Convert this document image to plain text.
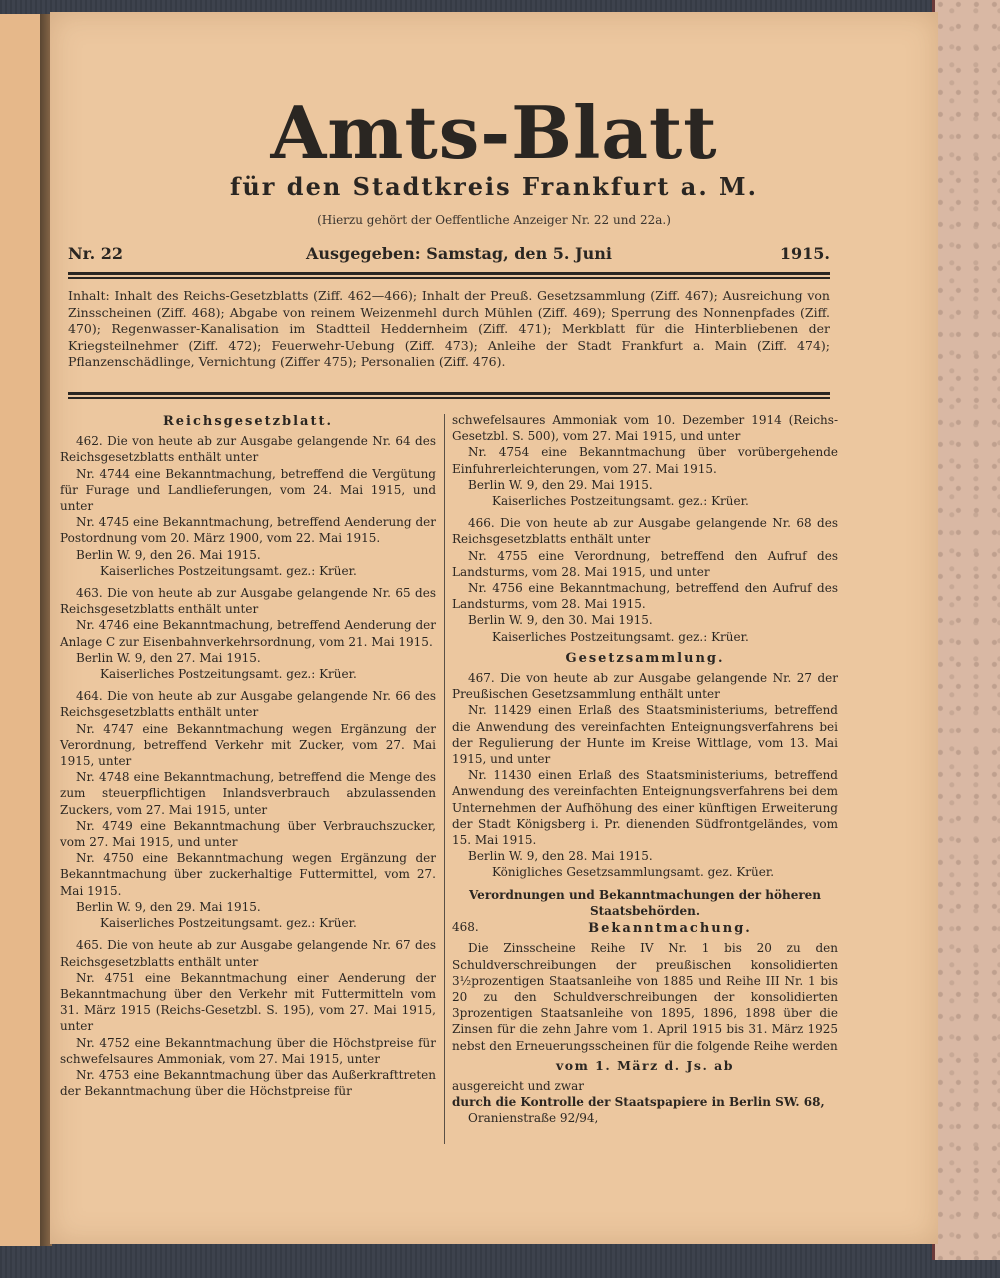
Amts-Blatt
für den Stadtkreis Frankfurt a. M.
(Hierzu gehört der Oeffentliche Anzeiger Nr. 22 und 22a.)
Nr. 22	Ausgegeben: Samstag, den 5. Juni	1915.
Inhalt: Inhalt des Reichs-Gesetzblatts (Ziff. 462—466); Inhalt der Preuß. Gesetzsammlung (Ziff. 467); Ausreichung von Zinsscheinen (Ziff. 468); Abgabe von reinem Weizenmehl durch Mühlen (Ziff. 469); Sperrung des Nonnenpfades (Ziff. 470); Regenwasser-Kanalisation im Stadtteil Heddernheim (Ziff. 471); Merkblatt für die Hinterbliebenen der Kriegsteilnehmer (Ziff. 472); Feuerwehr-Uebung (Ziff. 473); Anleihe der Stadt Frankfurt a. Main (Ziff. 474); Pflanzenschädlinge, Vernichtung (Ziffer 475); Personalien (Ziff. 476).

Reichsgesetzblatt.

462. Die von heute ab zur Ausgabe gelangende Nr. 64 des Reichsgesetzblatts enthält unter

Nr. 4744 eine Bekanntmachung, betreffend die Vergütung für Furage und Landlieferungen, vom 24. Mai 1915, und unter

Nr. 4745 eine Bekanntmachung, betreffend Aenderung der Postordnung vom 20. März 1900, vom 22. Mai 1915.

Berlin W. 9, den 26. Mai 1915.

Kaiserliches Postzeitungsamt. gez.: Krüer.

463. Die von heute ab zur Ausgabe gelangende Nr. 65 des Reichsgesetzblatts enthält unter

Nr. 4746 eine Bekanntmachung, betreffend Aenderung der Anlage C zur Eisenbahnverkehrsordnung, vom 21. Mai 1915.

Berlin W. 9, den 27. Mai 1915.

Kaiserliches Postzeitungsamt. gez.: Krüer.

464. Die von heute ab zur Ausgabe gelangende Nr. 66 des Reichsgesetzblatts enthält unter

Nr. 4747 eine Bekanntmachung wegen Ergänzung der Verordnung, betreffend Verkehr mit Zucker, vom 27. Mai 1915, unter

Nr. 4748 eine Bekanntmachung, betreffend die Menge des zum steuerpflichtigen Inlandsverbrauch abzulassenden Zuckers, vom 27. Mai 1915, unter

Nr. 4749 eine Bekanntmachung über Verbrauchszucker, vom 27. Mai 1915, und unter

Nr. 4750 eine Bekanntmachung wegen Ergänzung der Bekanntmachung über zuckerhaltige Futtermittel, vom 27. Mai 1915.

Berlin W. 9, den 29. Mai 1915.

Kaiserliches Postzeitungsamt. gez.: Krüer.

465. Die von heute ab zur Ausgabe gelangende Nr. 67 des Reichsgesetzblatts enthält unter

Nr. 4751 eine Bekanntmachung einer Aenderung der Bekanntmachung über den Verkehr mit Futtermitteln vom 31. März 1915 (Reichs-Gesetzbl. S. 195), vom 27. Mai 1915, unter

Nr. 4752 eine Bekanntmachung über die Höchstpreise für schwefelsaures Ammoniak, vom 27. Mai 1915, unter

Nr. 4753 eine Bekanntmachung über das Außerkrafttreten der Bekanntmachung über die Höchstpreise für

schwefelsaures Ammoniak vom 10. Dezember 1914 (Reichs-Gesetzbl. S. 500), vom 27. Mai 1915, und unter

Nr. 4754 eine Bekanntmachung über vorübergehende Einfuhrerleichterungen, vom 27. Mai 1915.

Berlin W. 9, den 29. Mai 1915.

Kaiserliches Postzeitungsamt. gez.: Krüer.

466. Die von heute ab zur Ausgabe gelangende Nr. 68 des Reichsgesetzblatts enthält unter

Nr. 4755 eine Verordnung, betreffend den Aufruf des Landsturms, vom 28. Mai 1915, und unter

Nr. 4756 eine Bekanntmachung, betreffend den Aufruf des Landsturms, vom 28. Mai 1915.

Berlin W. 9, den 30. Mai 1915.

Kaiserliches Postzeitungsamt. gez.: Krüer.

Gesetzsammlung.

467. Die von heute ab zur Ausgabe gelangende Nr. 27 der Preußischen Gesetzsammlung enthält unter

Nr. 11429 einen Erlaß des Staatsministeriums, betreffend die Anwendung des vereinfachten Enteignungsverfahrens bei der Regulierung der Hunte im Kreise Wittlage, vom 13. Mai 1915, und unter

Nr. 11430 einen Erlaß des Staatsministeriums, betreffend Anwendung des vereinfachten Enteignungsverfahrens bei dem Unternehmen der Aufhöhung des einer künftigen Erweiterung der Stadt Königsberg i. Pr. dienenden Südfrontgeländes, vom 15. Mai 1915.

Berlin W. 9, den 28. Mai 1915.

Königliches Gesetzsammlungsamt. gez. Krüer.

Verordnungen und Bekanntmachungen der höheren Staatsbehörden.

468.	Bekanntmachung.

Die Zinsscheine Reihe IV Nr. 1 bis 20 zu den Schuldverschreibungen der preußischen konsolidierten 3½prozentigen Staatsanleihe von 1885 und Reihe III Nr. 1 bis 20 zu den Schuldverschreibungen der konsolidierten 3prozentigen Staatsanleihe von 1895, 1896, 1898 über die Zinsen für die zehn Jahre vom 1. April 1915 bis 31. März 1925 nebst den Erneuerungsscheinen für die folgende Reihe werden

vom 1. März d. Js. ab

ausgereicht und zwar

durch die Kontrolle der Staatspapiere in Berlin SW. 68,

Oranienstraße 92/94,
